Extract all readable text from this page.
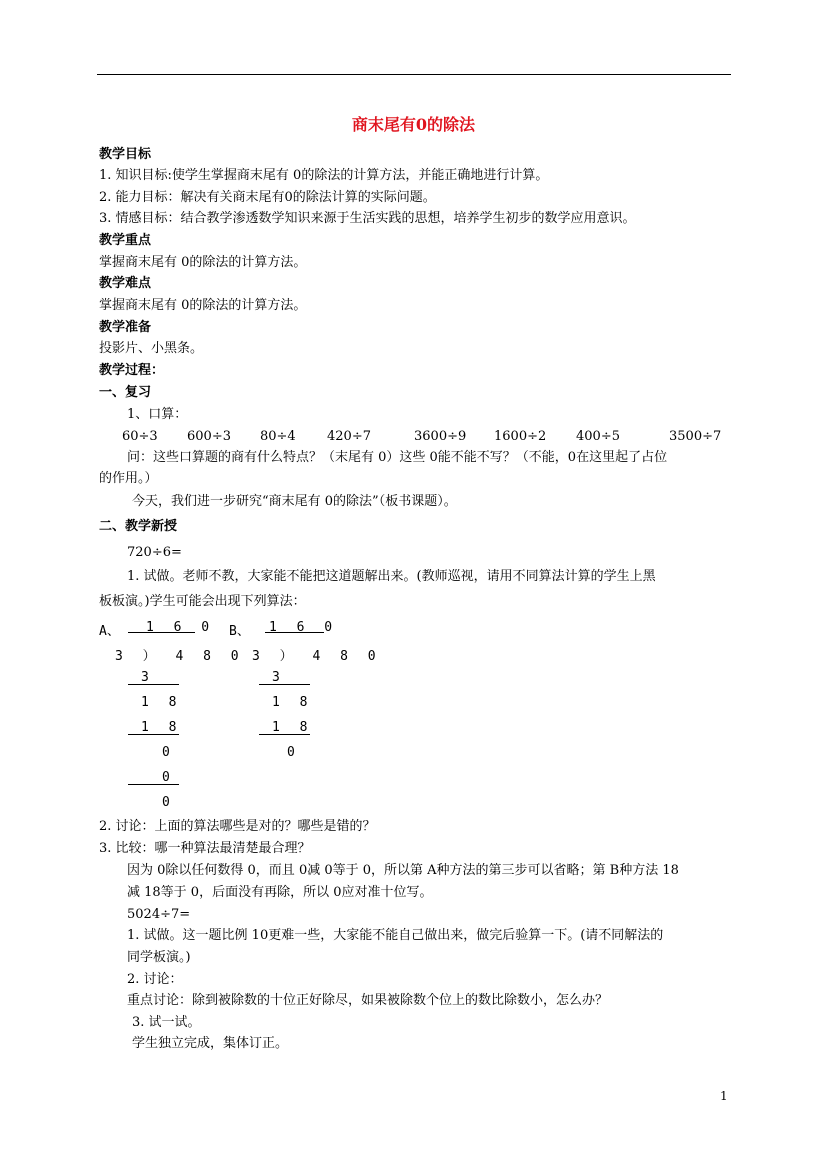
商末尾有0的除法
教学目标
1. 知识目标:使学生掌握商末尾有 0的除法的计算方法，并能正确地进行计算。
2. 能力目标：解决有关商末尾有0的除法计算的实际问题。
3. 情感目标：结合教学渗透数学知识来源于生活实践的思想，培养学生初步的数学应用意识。
教学重点
掌握商末尾有 0的除法的计算方法。
教学难点
掌握商末尾有 0的除法的计算方法。
教学准备
投影片、小黑条。
教学过程：
一、复习
1、口算：
60÷3 600÷3 80÷4 420÷7	3600÷9 1600÷2 400÷5	3500÷7
问：这些口算题的商有什么特点？（末尾有 0）这些 0能不能不写？（不能，0在这里起了占位
的作用。）
今天，我们进一步研究“商末尾有 0的除法”（板书课题）。
二、教学新授
720÷6=
1. 试做。老师不教，大家能不能把这道题解出来。(教师巡视，请用不同算法计算的学生上黑
板板演。)学生可能会出现下列算法：
A、 1 6 0
3 ） 4 8 0
3
1 8
1 8
0
0
0
B、 1 6 0
3 ） 4 8 0
3
1 8
1 8
0
2. 讨论：上面的算法哪些是对的？哪些是错的？
3. 比较：哪一种算法最清楚最合理？
因为 0除以任何数得 0，而且 0减 0等于 0，所以第 A种方法的第三步可以省略；第 B种方法 18
减 18等于 0，后面没有再除，所以 0应对准十位写。
5024÷7=
1. 试做。这一题比例 10更难一些，大家能不能自己做出来，做完后验算一下。(请不同解法的
同学板演。)
2. 讨论：
重点讨论：除到被除数的十位正好除尽，如果被除数个位上的数比除数小，怎么办？
3. 试一试。
学生独立完成，集体订正。
1
